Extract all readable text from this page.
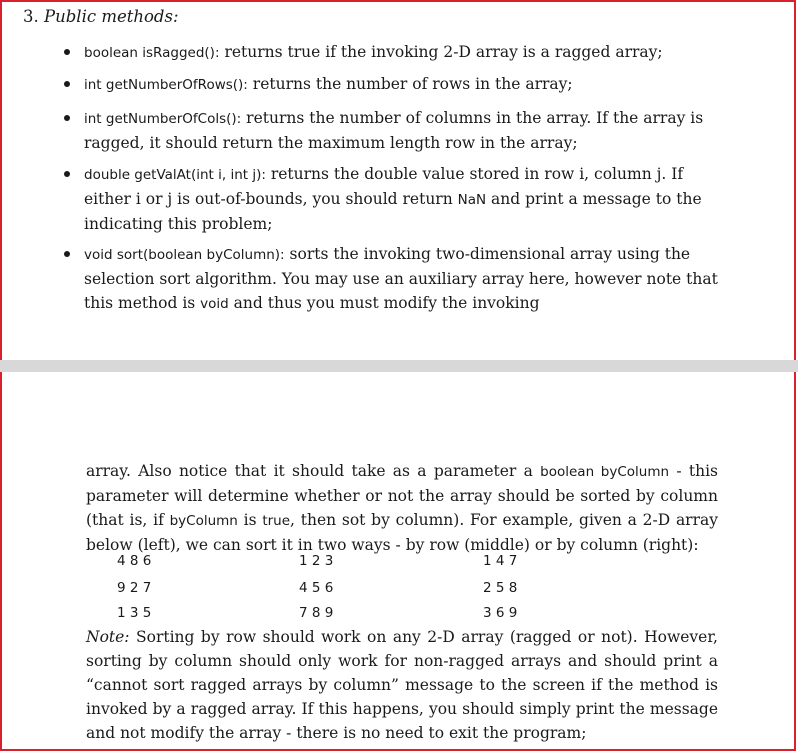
3. Public methods:
boolean isRagged(): returns true if the invoking 2-D array is a ragged array;
int getNumberOfRows(): returns the number of rows in the array;
int getNumberOfCols(): returns the number of columns in the array. If the array is ragged, it should return the maximum length row in the array;
double getValAt(int i, int j): returns the double value stored in row i, column j. If either i or j is out-of-bounds, you should return NaN and print a message to the indicating this problem;
void sort(boolean byColumn): sorts the invoking two-dimensional array using the selection sort algorithm. You may use an auxiliary array here, however note that this method is void and thus you must modify the invoking
array. Also notice that it should take as a parameter a boolean byColumn - this parameter will determine whether or not the array should be sorted by column (that is, if byColumn is true, then sot by column). For example, given a 2-D array below (left), we can sort it in two ways - by row (middle) or by column (right):
4 8 6	1 2 3	1 4 7
9 2 7	4 5 6	2 5 8
1 3 5	7 8 9	3 6 9
Note: Sorting by row should work on any 2-D array (ragged or not). However, sorting by column should only work for non-ragged arrays and should print a “cannot sort ragged arrays by column” message to the screen if the method is invoked by a ragged array. If this happens, you should simply print the message and not modify the array - there is no need to exit the program;
